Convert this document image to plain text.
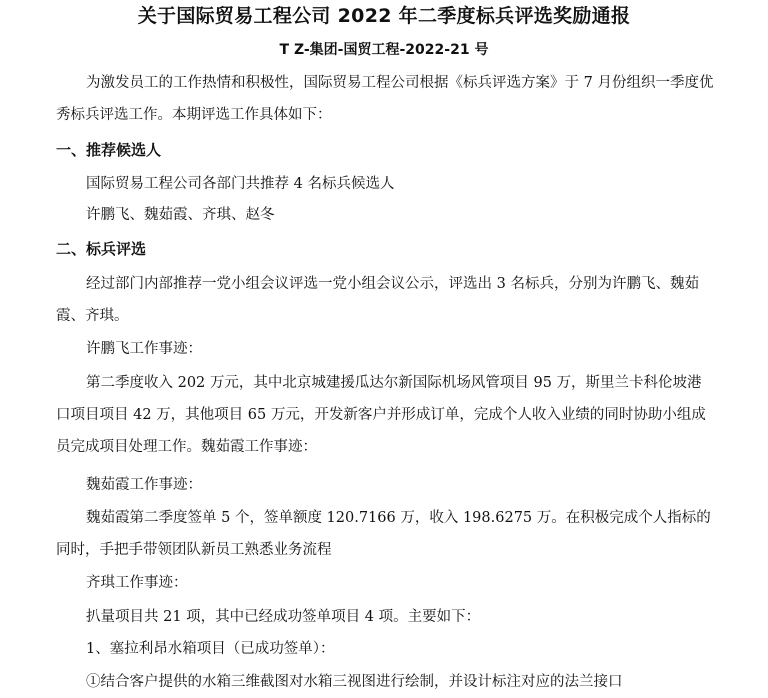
关于国际贸易工程公司 2022 年二季度标兵评选奖励通报
T Z-集团-国贸工程-2022-21 号

为激发员工的工作热情和积极性，国际贸易工程公司根据《标兵评选方案》于 7 月份组织一季度优秀标兵评选工作。本期评选工作具体如下：

一、推荐候选人

国际贸易工程公司各部门共推荐 4 名标兵候选人

许鹏飞、魏茹霞、齐琪、赵冬

二、标兵评选

经过部门内部推荐一党小组会议评选一党小组会议公示，评选出 3 名标兵，分别为许鹏飞、魏茹霞、齐琪。

许鹏飞工作事迹：

第二季度收入 202 万元，其中北京城建援瓜达尔新国际机场风管项目 95 万，斯里兰卡科伦坡港口项目项目 42 万，其他项目 65 万元，开发新客户并形成订单，完成个人收入业绩的同时协助小组成员完成项目处理工作。魏茹霞工作事迹：

魏茹霞工作事迹：

魏茹霞第二季度签单 5 个，签单额度 120.7166 万，收入 198.6275 万。在积极完成个人指标的同时，手把手带领团队新员工熟悉业务流程

齐琪工作事迹：

扒量项目共 21 项，其中已经成功签单项目 4 项。主要如下：

1、塞拉利昂水箱项目（已成功签单）：

①结合客户提供的水箱三维截图对水箱三视图进行绘制，并设计标注对应的法兰接口
